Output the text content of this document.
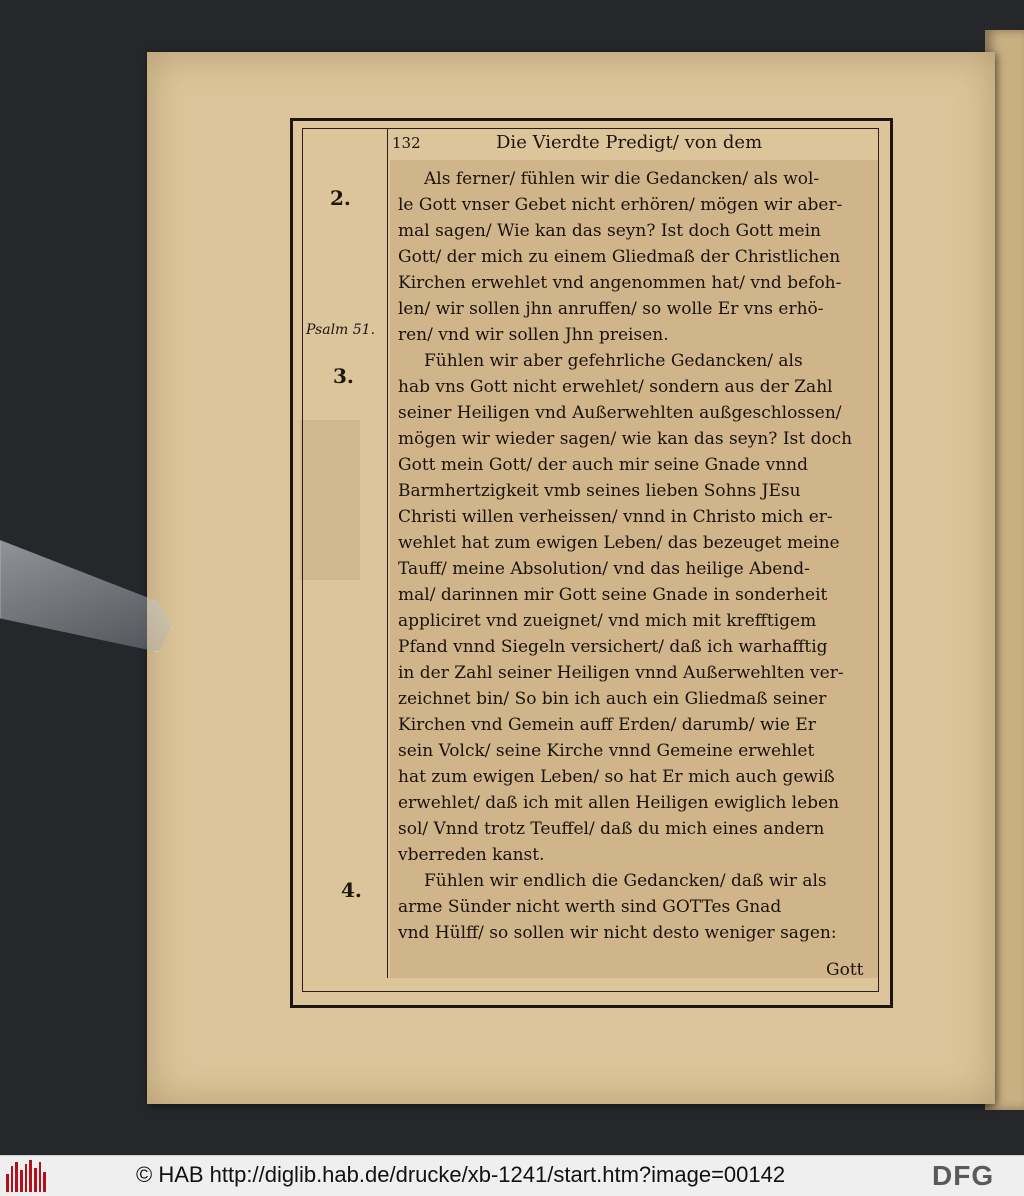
132	Die Vierdte Predigt/ von dem
2.
Psalm 51.
3.
4.
Als ferner/ fühlen wir die Gedancken/ als wol-
le Gott vnser Gebet nicht erhören/ mögen wir aber-
mal sagen/ Wie kan das seyn? Ist doch Gott mein
Gott/ der mich zu einem Gliedmaß der Christlichen
Kirchen erwehlet vnd angenommen hat/ vnd befoh-
len/ wir sollen jhn anruffen/ so wolle Er vns erhö-
ren/ vnd wir sollen Jhn preisen.
Fühlen wir aber gefehrliche Gedancken/ als
hab vns Gott nicht erwehlet/ sondern aus der Zahl
seiner Heiligen vnd Außerwehlten außgeschlossen/
mögen wir wieder sagen/ wie kan das seyn? Ist doch
Gott mein Gott/ der auch mir seine Gnade vnnd
Barmhertzigkeit vmb seines lieben Sohns JEsu
Christi willen verheissen/ vnnd in Christo mich er-
wehlet hat zum ewigen Leben/ das bezeuget meine
Tauff/ meine Absolution/ vnd das heilige Abend-
mal/ darinnen mir Gott seine Gnade in sonderheit
appliciret vnd zueignet/ vnd mich mit krefftigem
Pfand vnnd Siegeln versichert/ daß ich warhafftig
in der Zahl seiner Heiligen vnnd Außerwehlten ver-
zeichnet bin/ So bin ich auch ein Gliedmaß seiner
Kirchen vnd Gemein auff Erden/ darumb/ wie Er
sein Volck/ seine Kirche vnnd Gemeine erwehlet
hat zum ewigen Leben/ so hat Er mich auch gewiß
erwehlet/ daß ich mit allen Heiligen ewiglich leben
sol/ Vnnd trotz Teuffel/ daß du mich eines andern
vberreden kanst.
Fühlen wir endlich die Gedancken/ daß wir als
arme Sünder nicht werth sind GOTTes Gnad
vnd Hülff/ so sollen wir nicht desto weniger sagen:
Gott
© HAB http://diglib.hab.de/drucke/xb-1241/start.htm?image=00142	DFG
